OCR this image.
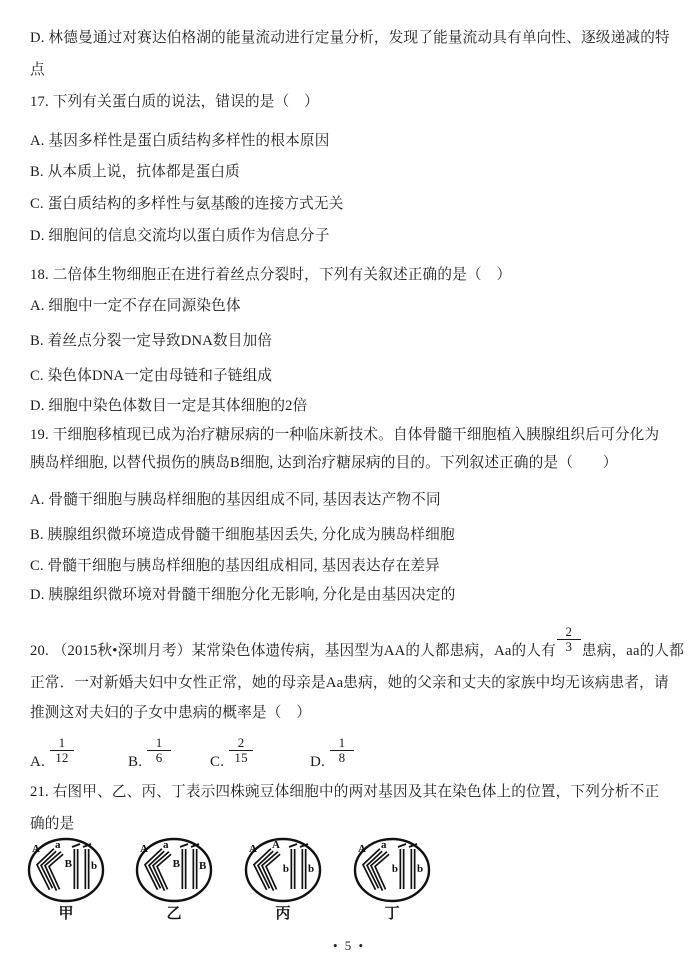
D. 林德曼通过对赛达伯格湖的能量流动进行定量分析，发现了能量流动具有单向性、逐级递减的特
点
17. 下列有关蛋白质的说法，错误的是（　）
A. 基因多样性是蛋白质结构多样性的根本原因
B. 从本质上说，抗体都是蛋白质
C. 蛋白质结构的多样性与氨基酸的连接方式无关
D. 细胞间的信息交流均以蛋白质作为信息分子
18. 二倍体生物细胞正在进行着丝点分裂时，下列有关叙述正确的是（　）
A. 细胞中一定不存在同源染色体
B. 着丝点分裂一定导致DNA数目加倍
C. 染色体DNA一定由母链和子链组成
D. 细胞中染色体数目一定是其体细胞的2倍
19. 干细胞移植现已成为治疗糖尿病的一种临床新技术。自体骨髓干细胞植入胰腺组织后可分化为
胰岛样细胞, 以替代损伤的胰岛B细胞, 达到治疗糖尿病的目的。下列叙述正确的是（　　）
A. 骨髓干细胞与胰岛样细胞的基因组成不同, 基因表达产物不同
B. 胰腺组织微环境造成骨髓干细胞基因丢失, 分化成为胰岛样细胞
C. 骨髓干细胞与胰岛样细胞的基因组成相同, 基因表达存在差异
D. 胰腺组织微环境对骨髓干细胞分化无影响, 分化是由基因决定的
20. （2015秋•深圳月考）某常染色体遗传病，基因型为AA的人都患病，Aa的人有 $\frac{2}{3}$ 患病，aa的人都
正常．一对新婚夫妇中女性正常，她的母亲是Aa患病，她的父亲和丈夫的家族中均无该病患者，请
推测这对夫妇的子女中患病的概率是（　）
A. $\frac{1}{12}$	B. $\frac{1}{6}$	C. $\frac{2}{15}$	D. $\frac{1}{8}$
21. 右图甲、乙、丙、丁表示四株豌豆体细胞中的两对基因及其在染色体上的位置，下列分析不正
确的是
A a
B b
甲
A a
B B
乙
A A
b b
丙
A a
b b
丁
• 5 •
